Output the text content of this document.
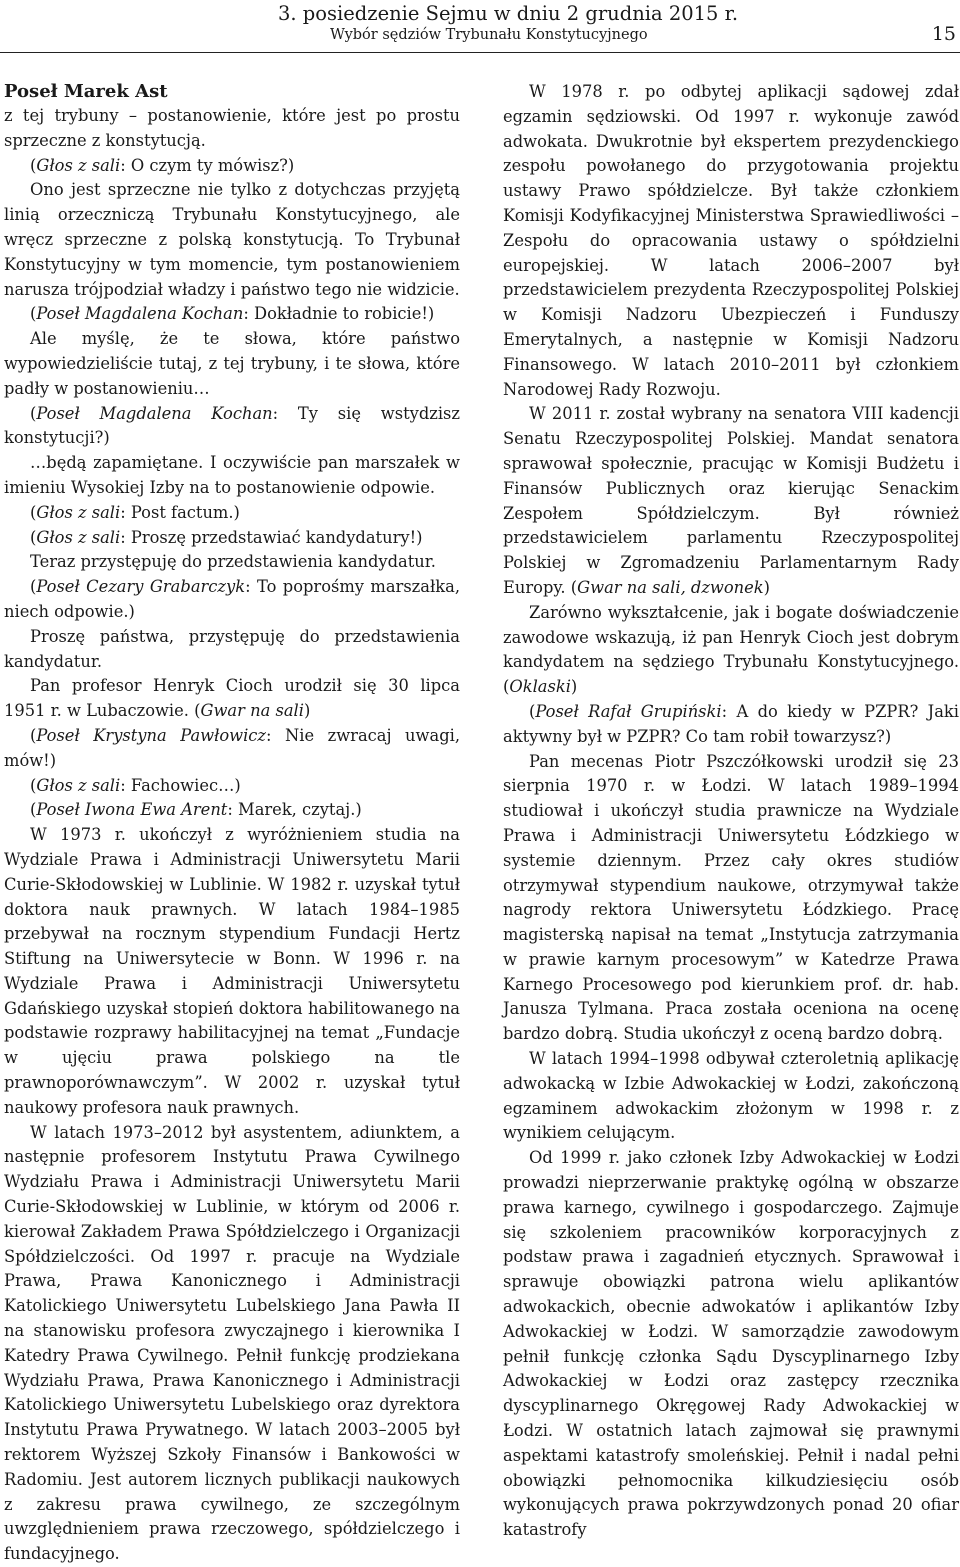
3. posiedzenie Sejmu w dniu 2 grudnia 2015 r.
Wybór sędziów Trybunału Konstytucyjnego	15

Poseł Marek Ast

z tej trybuny – postanowienie, które jest po prostu sprzeczne z konstytucją.

(Głos z sali: O czym ty mówisz?)

Ono jest sprzeczne nie tylko z dotychczas przyjętą linią orzeczniczą Trybunału Konstytucyjnego, ale wręcz sprzeczne z polską konstytucją. To Trybunał Konstytucyjny w tym momencie, tym postanowieniem narusza trójpodział władzy i państwo tego nie widzicie.

(Poseł Magdalena Kochan: Dokładnie to robicie!)

Ale myślę, że te słowa, które państwo wypowiedzieliście tutaj, z tej trybuny, i te słowa, które padły w postanowieniu…

(Poseł Magdalena Kochan: Ty się wstydzisz konstytucji?)

…będą zapamiętane. I oczywiście pan marszałek w imieniu Wysokiej Izby na to postanowienie odpowie.

(Głos z sali: Post factum.)

(Głos z sali: Proszę przedstawiać kandydatury!)

Teraz przystępuję do przedstawienia kandydatur.

(Poseł Cezary Grabarczyk: To poprośmy marszałka, niech odpowie.)

Proszę państwa, przystępuję do przedstawienia kandydatur.

Pan profesor Henryk Cioch urodził się 30 lipca 1951 r. w Lubaczowie. (Gwar na sali)

(Poseł Krystyna Pawłowicz: Nie zwracaj uwagi, mów!)

(Głos z sali: Fachowiec…)

(Poseł Iwona Ewa Arent: Marek, czytaj.)

W 1973 r. ukończył z wyróżnieniem studia na Wydziale Prawa i Administracji Uniwersytetu Marii Curie-Skłodowskiej w Lublinie. W 1982 r. uzyskał tytuł doktora nauk prawnych. W latach 1984–1985 przebywał na rocznym stypendium Fundacji Hertz Stiftung na Uniwersytecie w Bonn. W 1996 r. na Wydziale Prawa i Administracji Uniwersytetu Gdańskiego uzyskał stopień doktora habilitowanego na podstawie rozprawy habilitacyjnej na temat „Fundacje w ujęciu prawa polskiego na tle prawnoporównawczym”. W 2002 r. uzyskał tytuł naukowy profesora nauk prawnych.

W latach 1973–2012 był asystentem, adiunktem, a następnie profesorem Instytutu Prawa Cywilnego Wydziału Prawa i Administracji Uniwersytetu Marii Curie-Skłodowskiej w Lublinie, w którym od 2006 r. kierował Zakładem Prawa Spółdzielczego i Organizacji Spółdzielczości. Od 1997 r. pracuje na Wydziale Prawa, Prawa Kanonicznego i Administracji Katolickiego Uniwersytetu Lubelskiego Jana Pawła II na stanowisku profesora zwyczajnego i kierownika I Katedry Prawa Cywilnego. Pełnił funkcję prodziekana Wydziału Prawa, Prawa Kanonicznego i Administracji Katolickiego Uniwersytetu Lubelskiego oraz dyrektora Instytutu Prawa Prywatnego. W latach 2003–2005 był rektorem Wyższej Szkoły Finansów i Bankowości w Radomiu. Jest autorem licznych publikacji naukowych z zakresu prawa cywilnego, ze szczególnym uwzględnieniem prawa rzeczowego, spółdzielczego i fundacyjnego.

W 1978 r. po odbytej aplikacji sądowej zdał egzamin sędziowski. Od 1997 r. wykonuje zawód adwokata. Dwukrotnie był ekspertem prezydenckiego zespołu powołanego do przygotowania projektu ustawy Prawo spółdzielcze. Był także członkiem Komisji Kodyfikacyjnej Ministerstwa Sprawiedliwości – Zespołu do opracowania ustawy o spółdzielni europejskiej. W latach 2006–2007 był przedstawicielem prezydenta Rzeczypospolitej Polskiej w Komisji Nadzoru Ubezpieczeń i Funduszy Emerytalnych, a następnie w Komisji Nadzoru Finansowego. W latach 2010–2011 był członkiem Narodowej Rady Rozwoju.

W 2011 r. został wybrany na senatora VIII kadencji Senatu Rzeczypospolitej Polskiej. Mandat senatora sprawował społecznie, pracując w Komisji Budżetu i Finansów Publicznych oraz kierując Senackim Zespołem Spółdzielczym. Był również przedstawicielem parlamentu Rzeczypospolitej Polskiej w Zgromadzeniu Parlamentarnym Rady Europy. (Gwar na sali, dzwonek)

Zarówno wykształcenie, jak i bogate doświadczenie zawodowe wskazują, iż pan Henryk Cioch jest dobrym kandydatem na sędziego Trybunału Konstytucyjnego. (Oklaski)

(Poseł Rafał Grupiński: A do kiedy w PZPR? Jaki aktywny był w PZPR? Co tam robił towarzysz?)

Pan mecenas Piotr Pszczółkowski urodził się 23 sierpnia 1970 r. w Łodzi. W latach 1989–1994 studiował i ukończył studia prawnicze na Wydziale Prawa i Administracji Uniwersytetu Łódzkiego w systemie dziennym. Przez cały okres studiów otrzymywał stypendium naukowe, otrzymywał także nagrody rektora Uniwersytetu Łódzkiego. Pracę magisterską napisał na temat „Instytucja zatrzymania w prawie karnym procesowym” w Katedrze Prawa Karnego Procesowego pod kierunkiem prof. dr. hab. Janusza Tylmana. Praca została oceniona na ocenę bardzo dobrą. Studia ukończył z oceną bardzo dobrą.

W latach 1994–1998 odbywał czteroletnią aplikację adwokacką w Izbie Adwokackiej w Łodzi, zakończoną egzaminem adwokackim złożonym w 1998 r. z wynikiem celującym.

Od 1999 r. jako członek Izby Adwokackiej w Łodzi prowadzi nieprzerwanie praktykę ogólną w obszarze prawa karnego, cywilnego i gospodarczego. Zajmuje się szkoleniem pracowników korporacyjnych z podstaw prawa i zagadnień etycznych. Sprawował i sprawuje obowiązki patrona wielu aplikantów adwokackich, obecnie adwokatów i aplikantów Izby Adwokackiej w Łodzi. W samorządzie zawodowym pełnił funkcję członka Sądu Dyscyplinarnego Izby Adwokackiej w Łodzi oraz zastępcy rzecznika dyscyplinarnego Okręgowej Rady Adwokackiej w Łodzi. W ostatnich latach zajmował się prawnymi aspektami katastrofy smoleńskiej. Pełnił i nadal pełni obowiązki pełnomocnika kilkudziesięciu osób wykonujących prawa pokrzywdzonych ponad 20 ofiar katastrofy
